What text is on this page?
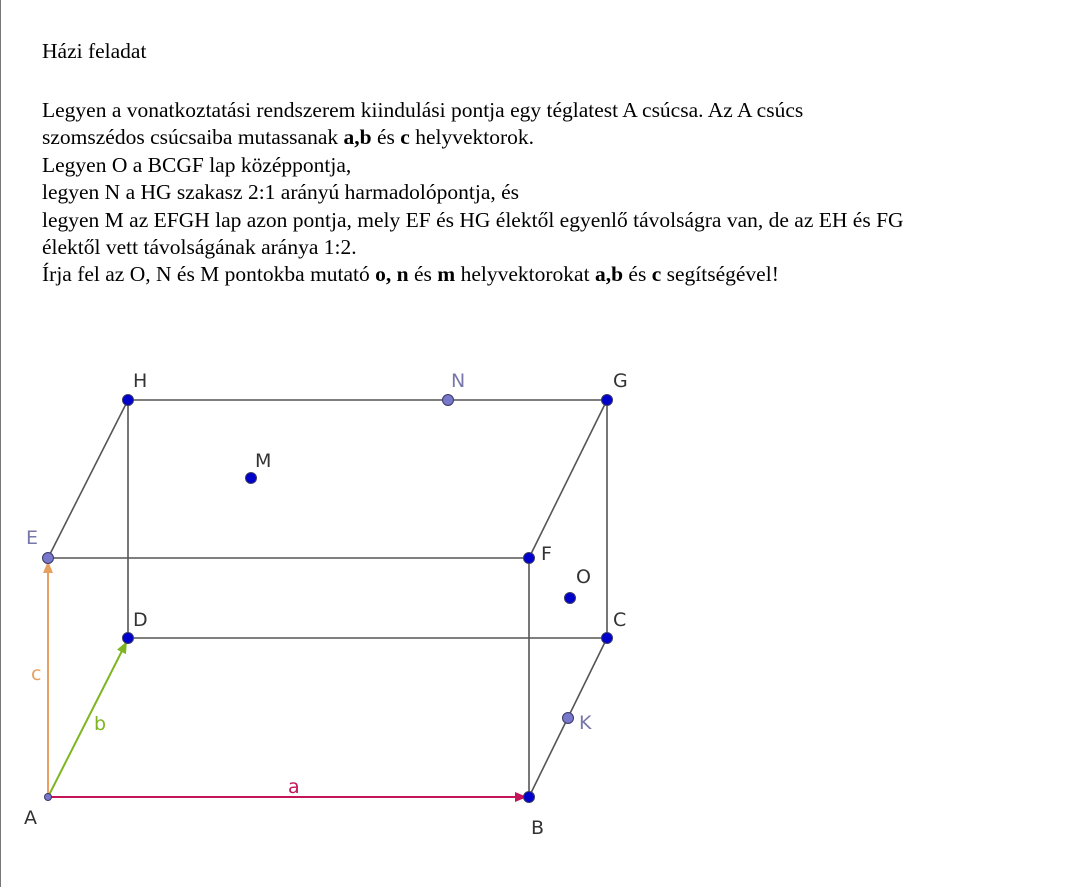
Házi feladat
Legyen a vonatkoztatási rendszerem kiindulási pontja egy téglatest A csúcsa. Az A csúcs
szomszédos csúcsaiba mutassanak a,b és c helyvektorok.
Legyen O a BCGF lap középpontja,
legyen N a HG szakasz 2:1 arányú harmadolópontja, és
legyen M az EFGH lap azon pontja, mely EF és HG élektől egyenlő távolságra van, de az EH és FG
élektől vett távolságának aránya 1:2.
Írja fel az O, N és M pontokba mutató o, n és m helyvektorokat a,b és c segítségével!
H	N	G
M
E
F
O
D	C
K
A	B
a
b
c
